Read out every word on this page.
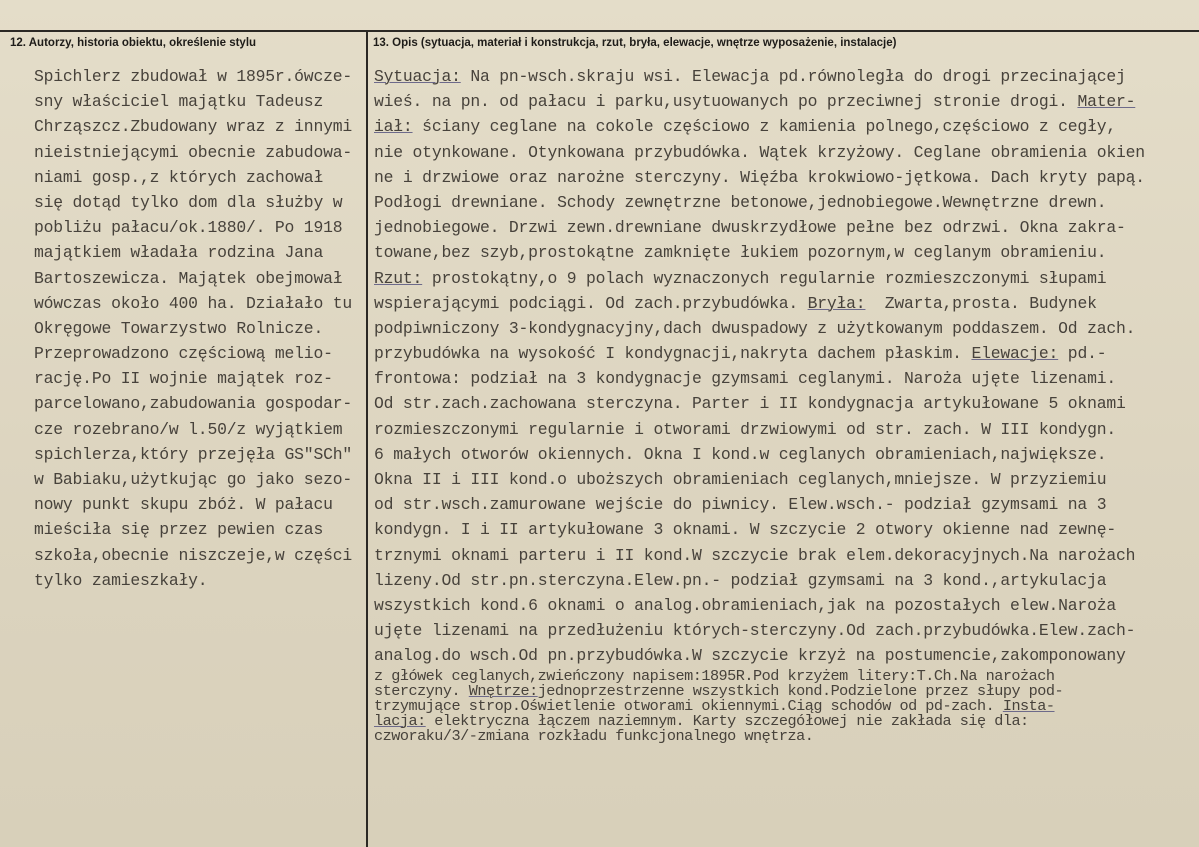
12. Autorzy, historia obiektu, określenie stylu	13. Opis (sytuacja, materiał i konstrukcja, rzut, bryła, elewacje, wnętrze wyposażenie, instalacje)
Spichlerz zbudował w 1895r.ówcze-
sny właściciel majątku Tadeusz
Chrząszcz.Zbudowany wraz z innymi
nieistniejącymi obecnie zabudowa-
niami gosp.,z których zachował
się dotąd tylko dom dla służby w
pobliżu pałacu/ok.1880/. Po 1918
majątkiem władała rodzina Jana
Bartoszewicza. Majątek obejmował
wówczas około 400 ha. Działało tu
Okręgowe Towarzystwo Rolnicze.
Przeprowadzono częściową melio-
rację.Po II wojnie majątek roz-
parcelowano,zabudowania gospodar-
cze rozebrano/w l.50/z wyjątkiem
spichlerza,który przejęła GS"SCh"
w Babiaku,użytkując go jako sezo-
nowy punkt skupu zbóż. W pałacu
mieściła się przez pewien czas
szkoła,obecnie niszczeje,w części
tylko zamieszkały.
Sytuacja: Na pn-wsch.skraju wsi. Elewacja pd.równoległa do drogi przecinającej
wieś. na pn. od pałacu i parku,usytuowanych po przeciwnej stronie drogi. Mater-
iał: ściany ceglane na cokole częściowo z kamienia polnego,częściowo z cegły,
nie otynkowane. Otynkowana przybudówka. Wątek krzyżowy. Ceglane obramienia okien
ne i drzwiowe oraz narożne sterczyny. Więźba krokwiowo-jętkowa. Dach kryty papą.
Podłogi drewniane. Schody zewnętrzne betonowe,jednobiegowe.Wewnętrzne drewn.
jednobiegowe. Drzwi zewn.drewniane dwuskrzydłowe pełne bez odrzwi. Okna zakra-
towane,bez szyb,prostokątne zamknięte łukiem pozornym,w ceglanym obramieniu.
Rzut: prostokątny,o 9 polach wyznaczonych regularnie rozmieszczonymi słupami
wspierającymi podciągi. Od zach.przybudówka. Bryła:  Zwarta,prosta. Budynek
podpiwniczony 3-kondygnacyjny,dach dwuspadowy z użytkowanym poddaszem. Od zach.
przybudówka na wysokość I kondygnacji,nakryta dachem płaskim. Elewacje: pd.-
frontowa: podział na 3 kondygnacje gzymsami ceglanymi. Naroża ujęte lizenami.
Od str.zach.zachowana sterczyna. Parter i II kondygnacja artykułowane 5 oknami
rozmieszczonymi regularnie i otworami drzwiowymi od str. zach. W III kondygn.
6 małych otworów okiennych. Okna I kond.w ceglanych obramieniach,największe.
Okna II i III kond.o uboższych obramieniach ceglanych,mniejsze. W przyziemiu
od str.wsch.zamurowane wejście do piwnicy. Elew.wsch.- podział gzymsami na 3
kondygn. I i II artykułowane 3 oknami. W szczycie 2 otwory okienne nad zewnę-
trznymi oknami parteru i II kond.W szczycie brak elem.dekoracyjnych.Na narożach
lizeny.Od str.pn.sterczyna.Elew.pn.- podział gzymsami na 3 kond.,artykulacja
wszystkich kond.6 oknami o analog.obramieniach,jak na pozostałych elew.Naroża
ujęte lizenami na przedłużeniu których-sterczyny.Od zach.przybudówka.Elew.zach-
analog.do wsch.Od pn.przybudówka.W szczycie krzyż na postumencie,zakomponowany
z główek ceglanych,zwieńczony napisem:1895R.Pod krzyżem litery:T.Ch.Na narożach
sterczyny. Wnętrze:jednoprzestrzenne wszystkich kond.Podzielone przez słupy pod-
trzymujące strop.Oświetlenie otworami okiennymi.Ciąg schodów od pd-zach. Insta-
lacja: elektryczna łączem naziemnym. Karty szczegółowej nie zakłada się dla:
czworaku/3/-zmiana rozkładu funkcjonalnego wnętrza.
